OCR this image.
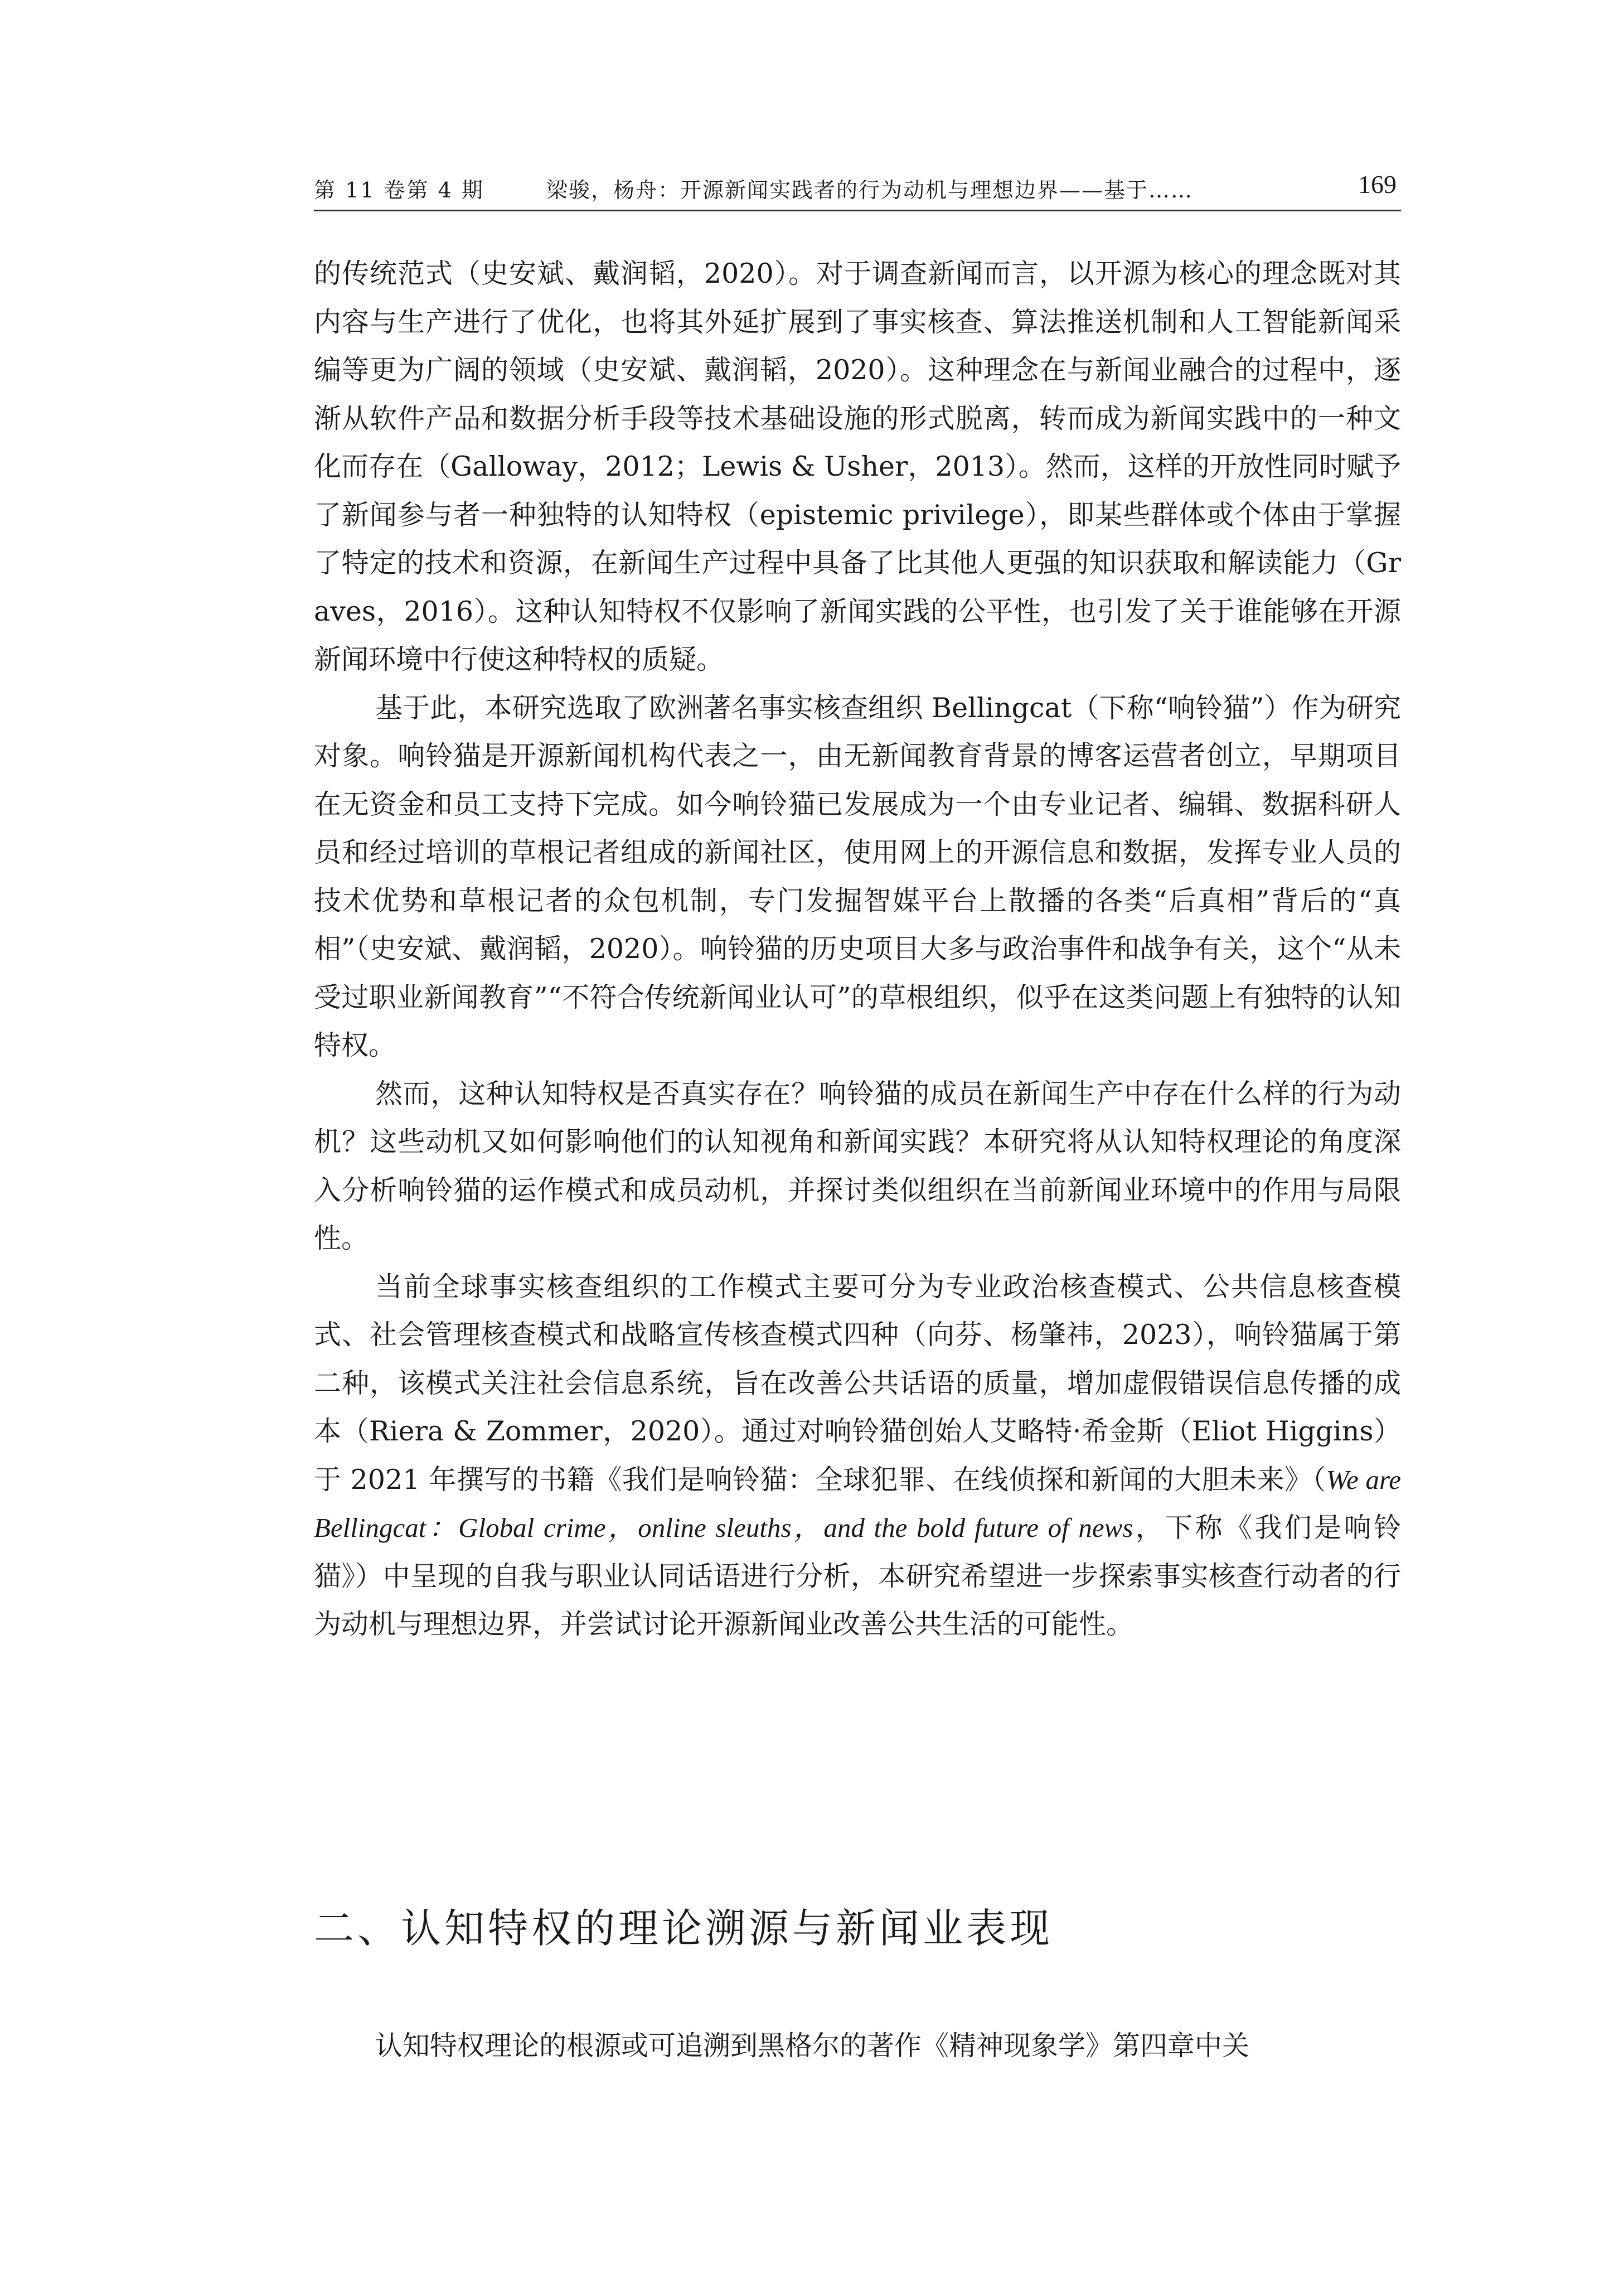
第 11 卷第 4 期	梁骏，杨舟：开源新闻实践者的行为动机与理想边界——基于……	169

的传统范式（史安斌、戴润韬，2020）。对于调查新闻而言，以开源为核心的理念既对其内容与生产进行了优化，也将其外延扩展到了事实核查、算法推送机制和人工智能新闻采编等更为广阔的领域（史安斌、戴润韬，2020）。这种理念在与新闻业融合的过程中，逐渐从软件产品和数据分析手段等技术基础设施的形式脱离，转而成为新闻实践中的一种文化而存在（Galloway，2012；Lewis & Usher，2013）。然而，这样的开放性同时赋予了新闻参与者一种独特的认知特权（epistemic privilege），即某些群体或个体由于掌握了特定的技术和资源，在新闻生产过程中具备了比其他人更强的知识获取和解读能力（Graves，2016）。这种认知特权不仅影响了新闻实践的公平性，也引发了关于谁能够在开源新闻环境中行使这种特权的质疑。

基于此，本研究选取了欧洲著名事实核查组织 Bellingcat（下称“响铃猫”）作为研究对象。响铃猫是开源新闻机构代表之一，由无新闻教育背景的博客运营者创立，早期项目在无资金和员工支持下完成。如今响铃猫已发展成为一个由专业记者、编辑、数据科研人员和经过培训的草根记者组成的新闻社区，使用网上的开源信息和数据，发挥专业人员的技术优势和草根记者的众包机制，专门发掘智媒平台上散播的各类“后真相”背后的“真相”（史安斌、戴润韬，2020）。响铃猫的历史项目大多与政治事件和战争有关，这个“从未受过职业新闻教育”“不符合传统新闻业认可”的草根组织，似乎在这类问题上有独特的认知特权。

然而，这种认知特权是否真实存在？响铃猫的成员在新闻生产中存在什么样的行为动机？这些动机又如何影响他们的认知视角和新闻实践？本研究将从认知特权理论的角度深入分析响铃猫的运作模式和成员动机，并探讨类似组织在当前新闻业环境中的作用与局限性。

当前全球事实核查组织的工作模式主要可分为专业政治核查模式、公共信息核查模式、社会管理核查模式和战略宣传核查模式四种（向芬、杨肇祎，2023），响铃猫属于第二种，该模式关注社会信息系统，旨在改善公共话语的质量，增加虚假错误信息传播的成本（Riera & Zommer，2020）。通过对响铃猫创始人艾略特·希金斯（Eliot Higgins）于 2021 年撰写的书籍《我们是响铃猫：全球犯罪、在线侦探和新闻的大胆未来》（We are Bellingcat：Global crime，online sleuths，and the bold future of news，下称《我们是响铃猫》）中呈现的自我与职业认同话语进行分析，本研究希望进一步探索事实核查行动者的行为动机与理想边界，并尝试讨论开源新闻业改善公共生活的可能性。

二、认知特权的理论溯源与新闻业表现

认知特权理论的根源或可追溯到黑格尔的著作《精神现象学》第四章中关
